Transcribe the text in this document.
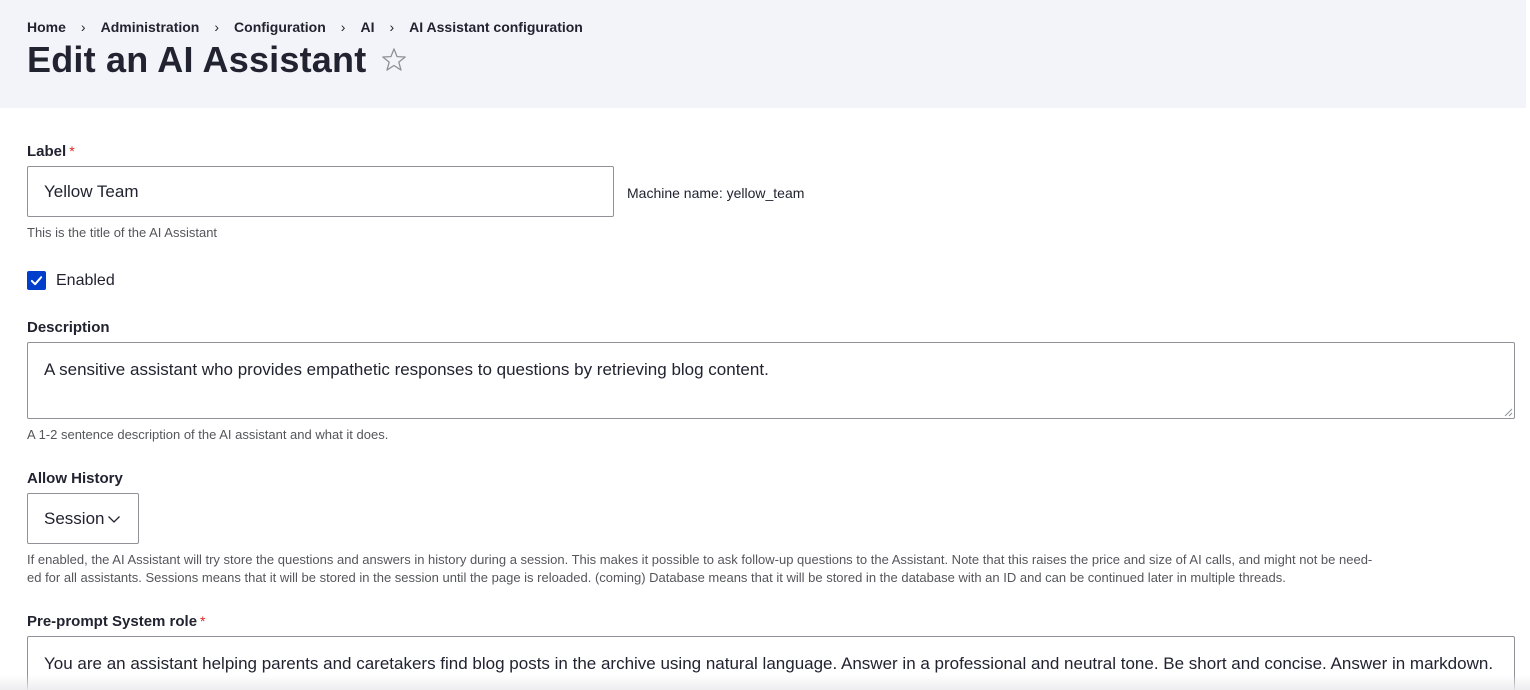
Home › Administration › Configuration › AI › AI Assistant configuration
Edit an AI Assistant
Label *
Yellow Team
Machine name: yellow_team
This is the title of the AI Assistant
Enabled
Description
A sensitive assistant who provides empathetic responses to questions by retrieving blog content.
A 1-2 sentence description of the AI assistant and what it does.
Allow History
Session
If enabled, the AI Assistant will try store the questions and answers in history during a session. This makes it possible to ask follow-up questions to the Assistant. Note that this raises the price and size of AI calls, and might not be need-
ed for all assistants. Sessions means that it will be stored in the session until the page is reloaded. (coming) Database means that it will be stored in the database with an ID and can be continued later in multiple threads.
Pre-prompt System role *
You are an assistant helping parents and caretakers find blog posts in the archive using natural language. Answer in a professional and neutral tone. Be short and concise. Answer in markdown.
